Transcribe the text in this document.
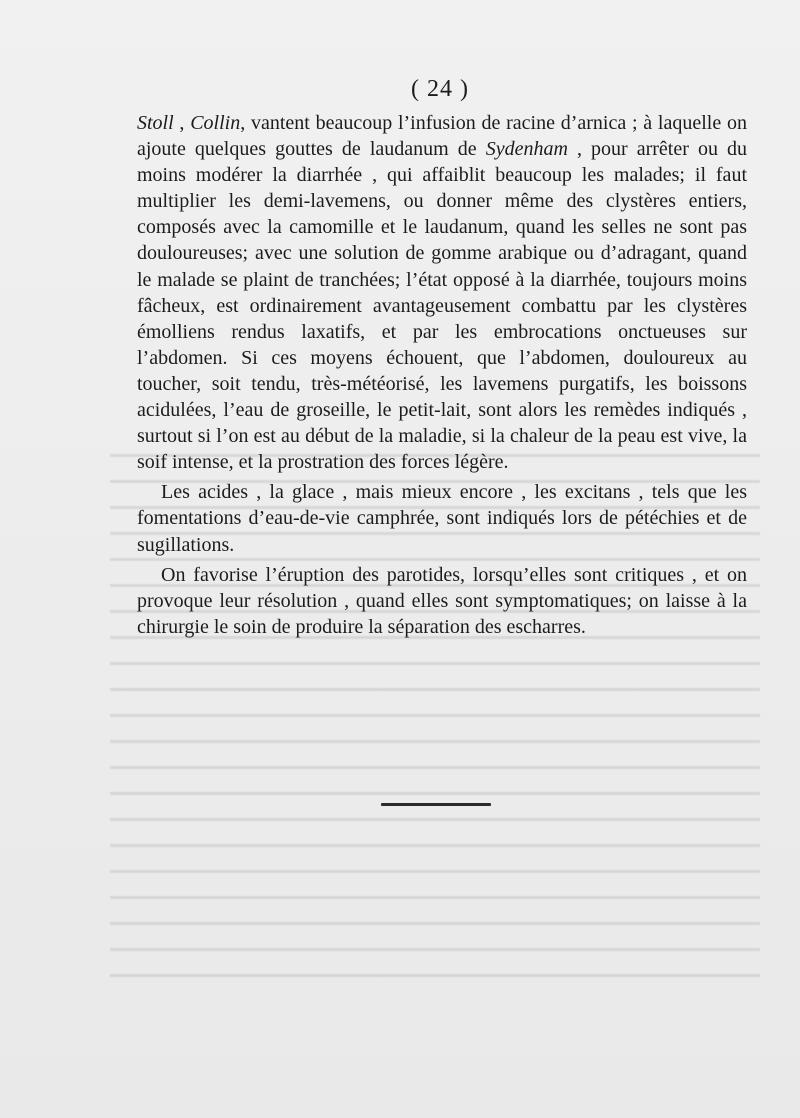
( 24 )

Stoll , Collin, vantent beaucoup l’infusion de racine d’arnica ; à laquelle on ajoute quelques gouttes de laudanum de Sydenham , pour arrêter ou du moins modérer la diarrhée , qui affaiblit beaucoup les malades; il faut multiplier les demi-lavemens, ou donner même des clystères entiers, composés avec la camomille et le laudanum, quand les selles ne sont pas douloureuses; avec une solution de gomme arabique ou d’adragant, quand le malade se plaint de tranchées; l’état opposé à la diarrhée, toujours moins fâcheux, est ordinairement avantageusement combattu par les clystères émolliens rendus laxatifs, et par les embrocations onctueuses sur l’abdomen. Si ces moyens échouent, que l’abdomen, douloureux au toucher, soit tendu, très-météorisé, les lavemens purgatifs, les boissons acidulées, l’eau de groseille, le petit-lait, sont alors les remèdes indiqués , surtout si l’on est au début de la maladie, si la chaleur de la peau est vive, la soif intense, et la prostration des forces légère.

Les acides , la glace , mais mieux encore , les excitans , tels que les fomentations d’eau-de-vie camphrée, sont indiqués lors de pétéchies et de sugillations.

On favorise l’éruption des parotides, lorsqu’elles sont critiques , et on provoque leur résolution , quand elles sont symptomatiques; on laisse à la chirurgie le soin de produire la séparation des escharres.
